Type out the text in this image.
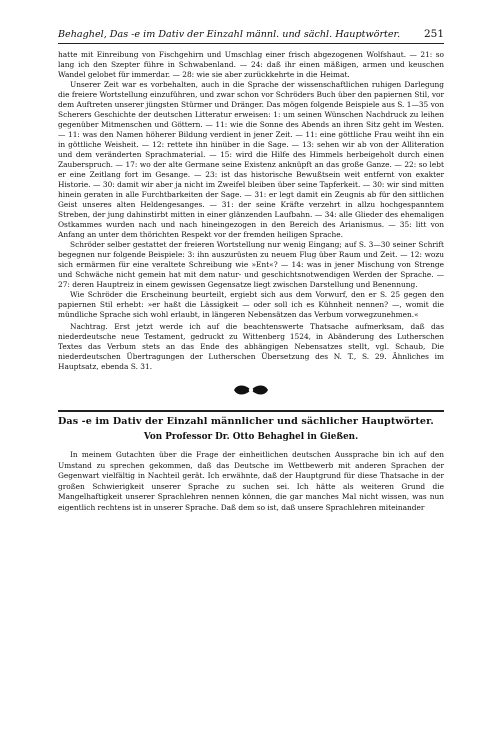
Behaghel, Das -e im Dativ der Einzahl männl. und sächl. Hauptwörter. 251

hatte mit Einreibung von Fischgehirn und Umschlag einer frisch abgezogenen Wolfshaut. — 21: so lang ich den Szepter führe in Schwabenland. — 24: daß ihr einen mäßigen, armen und keuschen Wandel gelobet für immerdar. — 28: wie sie aber zurückkehrte in die Heimat.

Unserer Zeit war es vorbehalten, auch in die Sprache der wissenschaftlichen ruhigen Darlegung die freiere Wortstellung einzuführen, und zwar schon vor Schröders Buch über den papiernen Stil, vor dem Auftreten unserer jüngsten Stürmer und Dränger. Das mögen folgende Beispiele aus S. 1—35 von Scherers Geschichte der deutschen Litteratur erweisen: 1: um seinen Wünschen Nachdruck zu leihen gegenüber Mitmenschen und Göttern. — 11: wie die Sonne des Abends an ihren Sitz geht im Westen. — 11: was den Namen höherer Bildung verdient in jener Zeit. — 11: eine göttliche Frau weiht ihn ein in göttliche Weisheit. — 12: rettete ihn hinüber in die Sage. — 13: sehen wir ab von der Alliteration und dem veränderten Sprachmaterial. — 15: wird die Hilfe des Himmels herbeigeholt durch einen Zauberspruch. — 17: wo der alte Germane seine Existenz anknüpft an das große Ganze. — 22: so lebt er eine Zeitlang fort im Gesange. — 23: ist das historische Bewußtsein weit entfernt von exakter Historie. — 30: damit wir aber ja nicht im Zweifel bleiben über seine Tapferkeit. — 30: wir sind mitten hinein geraten in alle Furchtbarkeiten der Sage. — 31: er legt damit ein Zeugnis ab für den sittlichen Geist unseres alten Heldengesanges. — 31: der seine Kräfte verzehrt in allzu hochgespanntem Streben, der jung dahinstirbt mitten in einer glänzenden Laufbahn. — 34: alle Glieder des ehemaligen Ostkammes wurden nach und nach hineingezogen in den Bereich des Arianismus. — 35: litt von Anfang an unter dem thörichten Respekt vor der fremden heiligen Sprache.

Schröder selber gestattet der freieren Wortstellung nur wenig Eingang; auf S. 3—30 seiner Schrift begegnen nur folgende Beispiele: 3: ihn auszurüsten zu neuem Flug über Raum und Zeit. — 12: wozu sich ermärmen für eine veraltete Schreibung wie »Ent«? — 14: was in jener Mischung von Strenge und Schwäche nicht gemein hat mit dem natur- und geschichtsnotwendigen Werden der Sprache. — 27: deren Hauptreiz in einem gewissen Gegensatze liegt zwischen Darstellung und Benennung.

Wie Schröder die Erscheinung beurteilt, ergiebt sich aus dem Vorwurf, den er S. 25 gegen den papiernen Stil erhebt: »er haßt die Lässigkeit — oder soll ich es Kühnheit nennen? —, womit die mündliche Sprache sich wohl erlaubt, in längeren Nebensätzen das Verbum vorwegzunehmen.«

Nachtrag. Erst jetzt werde ich auf die beachtenswerte Thatsache aufmerksam, daß das niederdeutsche neue Testament, gedruckt zu Wittenberg 1524, in Abänderung des Lutherschen Textes das Verbum stets an das Ende des abhängigen Nebensatzes stellt, vgl. Schaub, Die niederdeutschen Übertragungen der Lutherschen Übersetzung des N. T., S. 29. Ähnliches im Hauptsatz, ebenda S. 31.

Das -e im Dativ der Einzahl männlicher und sächlicher Hauptwörter.
Von Professor Dr. Otto Behaghel in Gießen.

In meinem Gutachten über die Frage der einheitlichen deutschen Aussprache bin ich auf den Umstand zu sprechen gekommen, daß das Deutsche im Wettbewerb mit anderen Sprachen der Gegenwart vielfältig in Nachteil gerät. Ich erwähnte, daß der Hauptgrund für diese Thatsache in der großen Schwierigkeit unserer Sprache zu suchen sei. Ich hätte als weiteren Grund die Mangelhaftigkeit unserer Sprachlehren nennen können, die gar manches Mal nicht wissen, was nun eigentlich rechtens ist in unserer Sprache. Daß dem so ist, daß unsere Sprachlehren miteinander
